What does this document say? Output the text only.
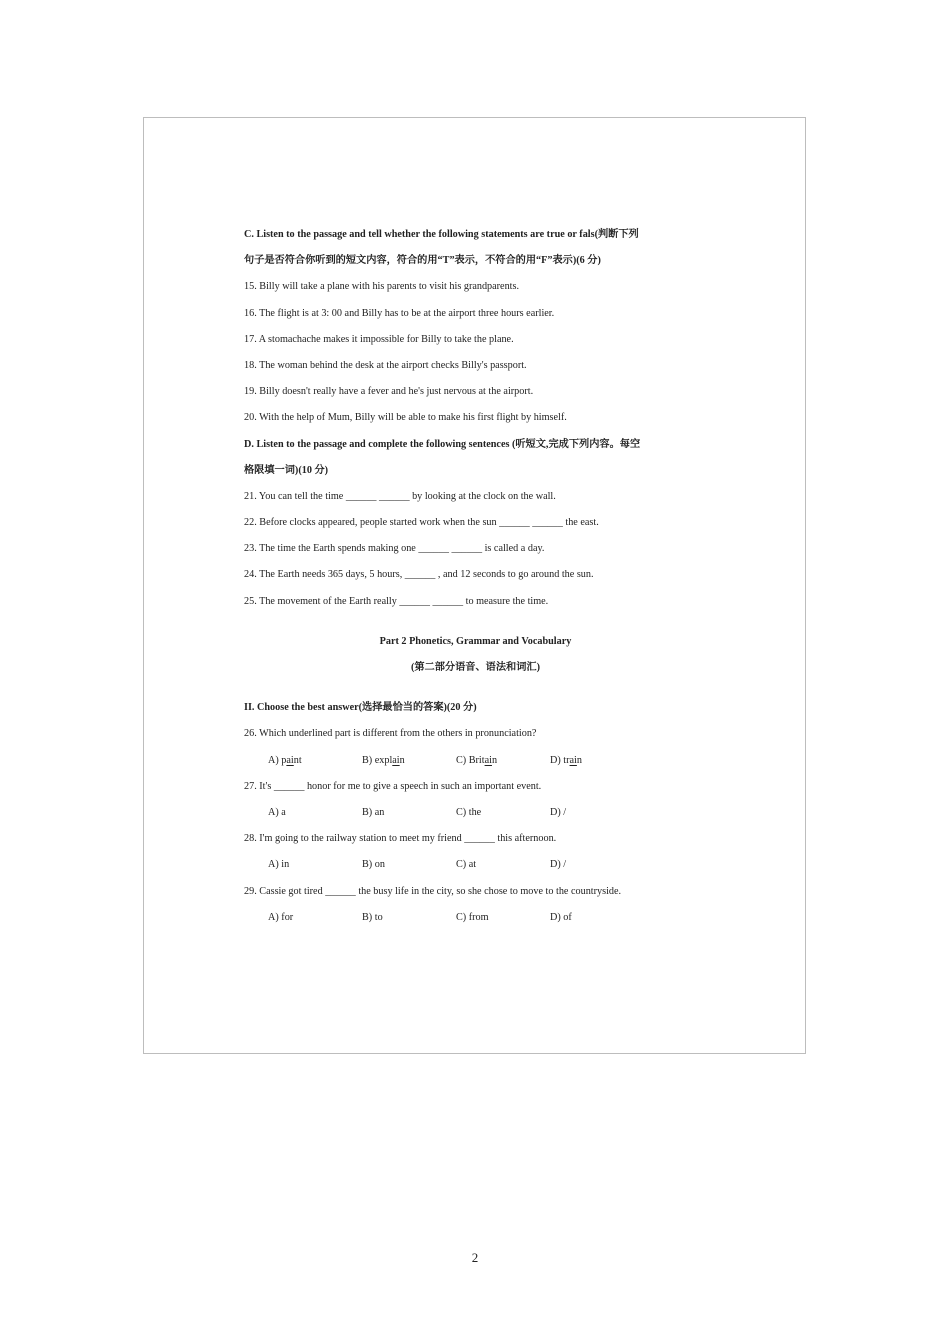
C. Listen to the passage and tell whether the following statements are true or fals(判断下列
句子是否符合你听到的短文内容，符合的用“T”表示，不符合的用“F”表示)(6 分)
15. Billy will take a plane with his parents to visit his grandparents.
16. The flight is at 3: 00 and Billy has to be at the airport three hours earlier.
17. A stomachache makes it impossible for Billy to take the plane.
18. The woman behind the desk at the airport checks Billy's passport.
19. Billy doesn't really have a fever and he's just nervous at the airport.
20. With the help of Mum, Billy will be able to make his first flight by himself.
D. Listen to the passage and complete the following sentences (听短文,完成下列内容。每空
格限填一词)(10 分)
21. You can tell the time ______ ______ by looking at the clock on the wall.
22. Before clocks appeared, people started work when the sun ______ ______ the east.
23. The time the Earth spends making one ______ ______ is called a day.
24. The Earth needs 365 days, 5 hours, ______ , and 12 seconds to go around the sun.
25. The movement of the Earth really ______ ______ to measure the time.
Part 2 Phonetics, Grammar and Vocabulary
(第二部分语音、语法和词汇)
II. Choose the best answer(选择最恰当的答案)(20 分)
26. Which underlined part is different from the others in pronunciation?
A) paint	B) explain	C) Britain	D) train
27. It's ______ honor for me to give a speech in such an important event.
A) a	B) an	C) the	D) /
28. I'm going to the railway station to meet my friend ______ this afternoon.
A) in	B) on	C) at	D) /
29. Cassie got tired ______ the busy life in the city, so she chose to move to the countryside.
A) for	B) to	C) from	D) of
2
